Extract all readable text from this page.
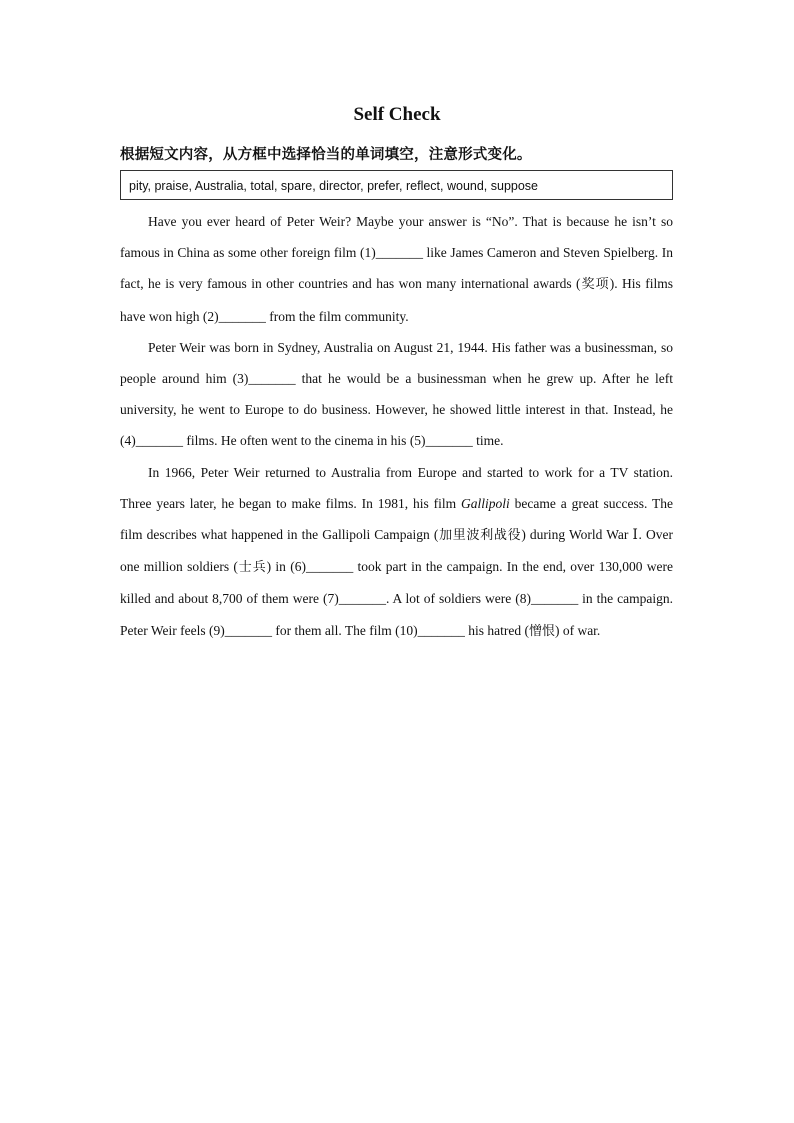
Self Check
根据短文内容，从方框中选择恰当的单词填空，注意形式变化。
pity, praise, Australia, total, spare, director, prefer, reflect, wound, suppose

Have you ever heard of Peter Weir? Maybe your answer is “No”. That is because he isn’t so famous in China as some other foreign film (1)_______ like James Cameron and Steven Spielberg. In fact, he is very famous in other countries and has won many international awards (奖项). His films have won high (2)_______ from the film community.

Peter Weir was born in Sydney, Australia on August 21, 1944. His father was a businessman, so people around him (3)_______ that he would be a businessman when he grew up. After he left university, he went to Europe to do business. However, he showed little interest in that. Instead, he (4)_______ films. He often went to the cinema in his (5)_______ time.

In 1966, Peter Weir returned to Australia from Europe and started to work for a TV station. Three years later, he began to make films. In 1981, his film Gallipoli became a great success. The film describes what happened in the Gallipoli Campaign (加里波利战役) during World War Ⅰ. Over one million soldiers (士兵) in (6)_______ took part in the campaign. In the end, over 130,000 were killed and about 8,700 of them were (7)_______. A lot of soldiers were (8)_______ in the campaign. Peter Weir feels (9)_______ for them all. The film (10)_______ his hatred (憎恨) of war.
